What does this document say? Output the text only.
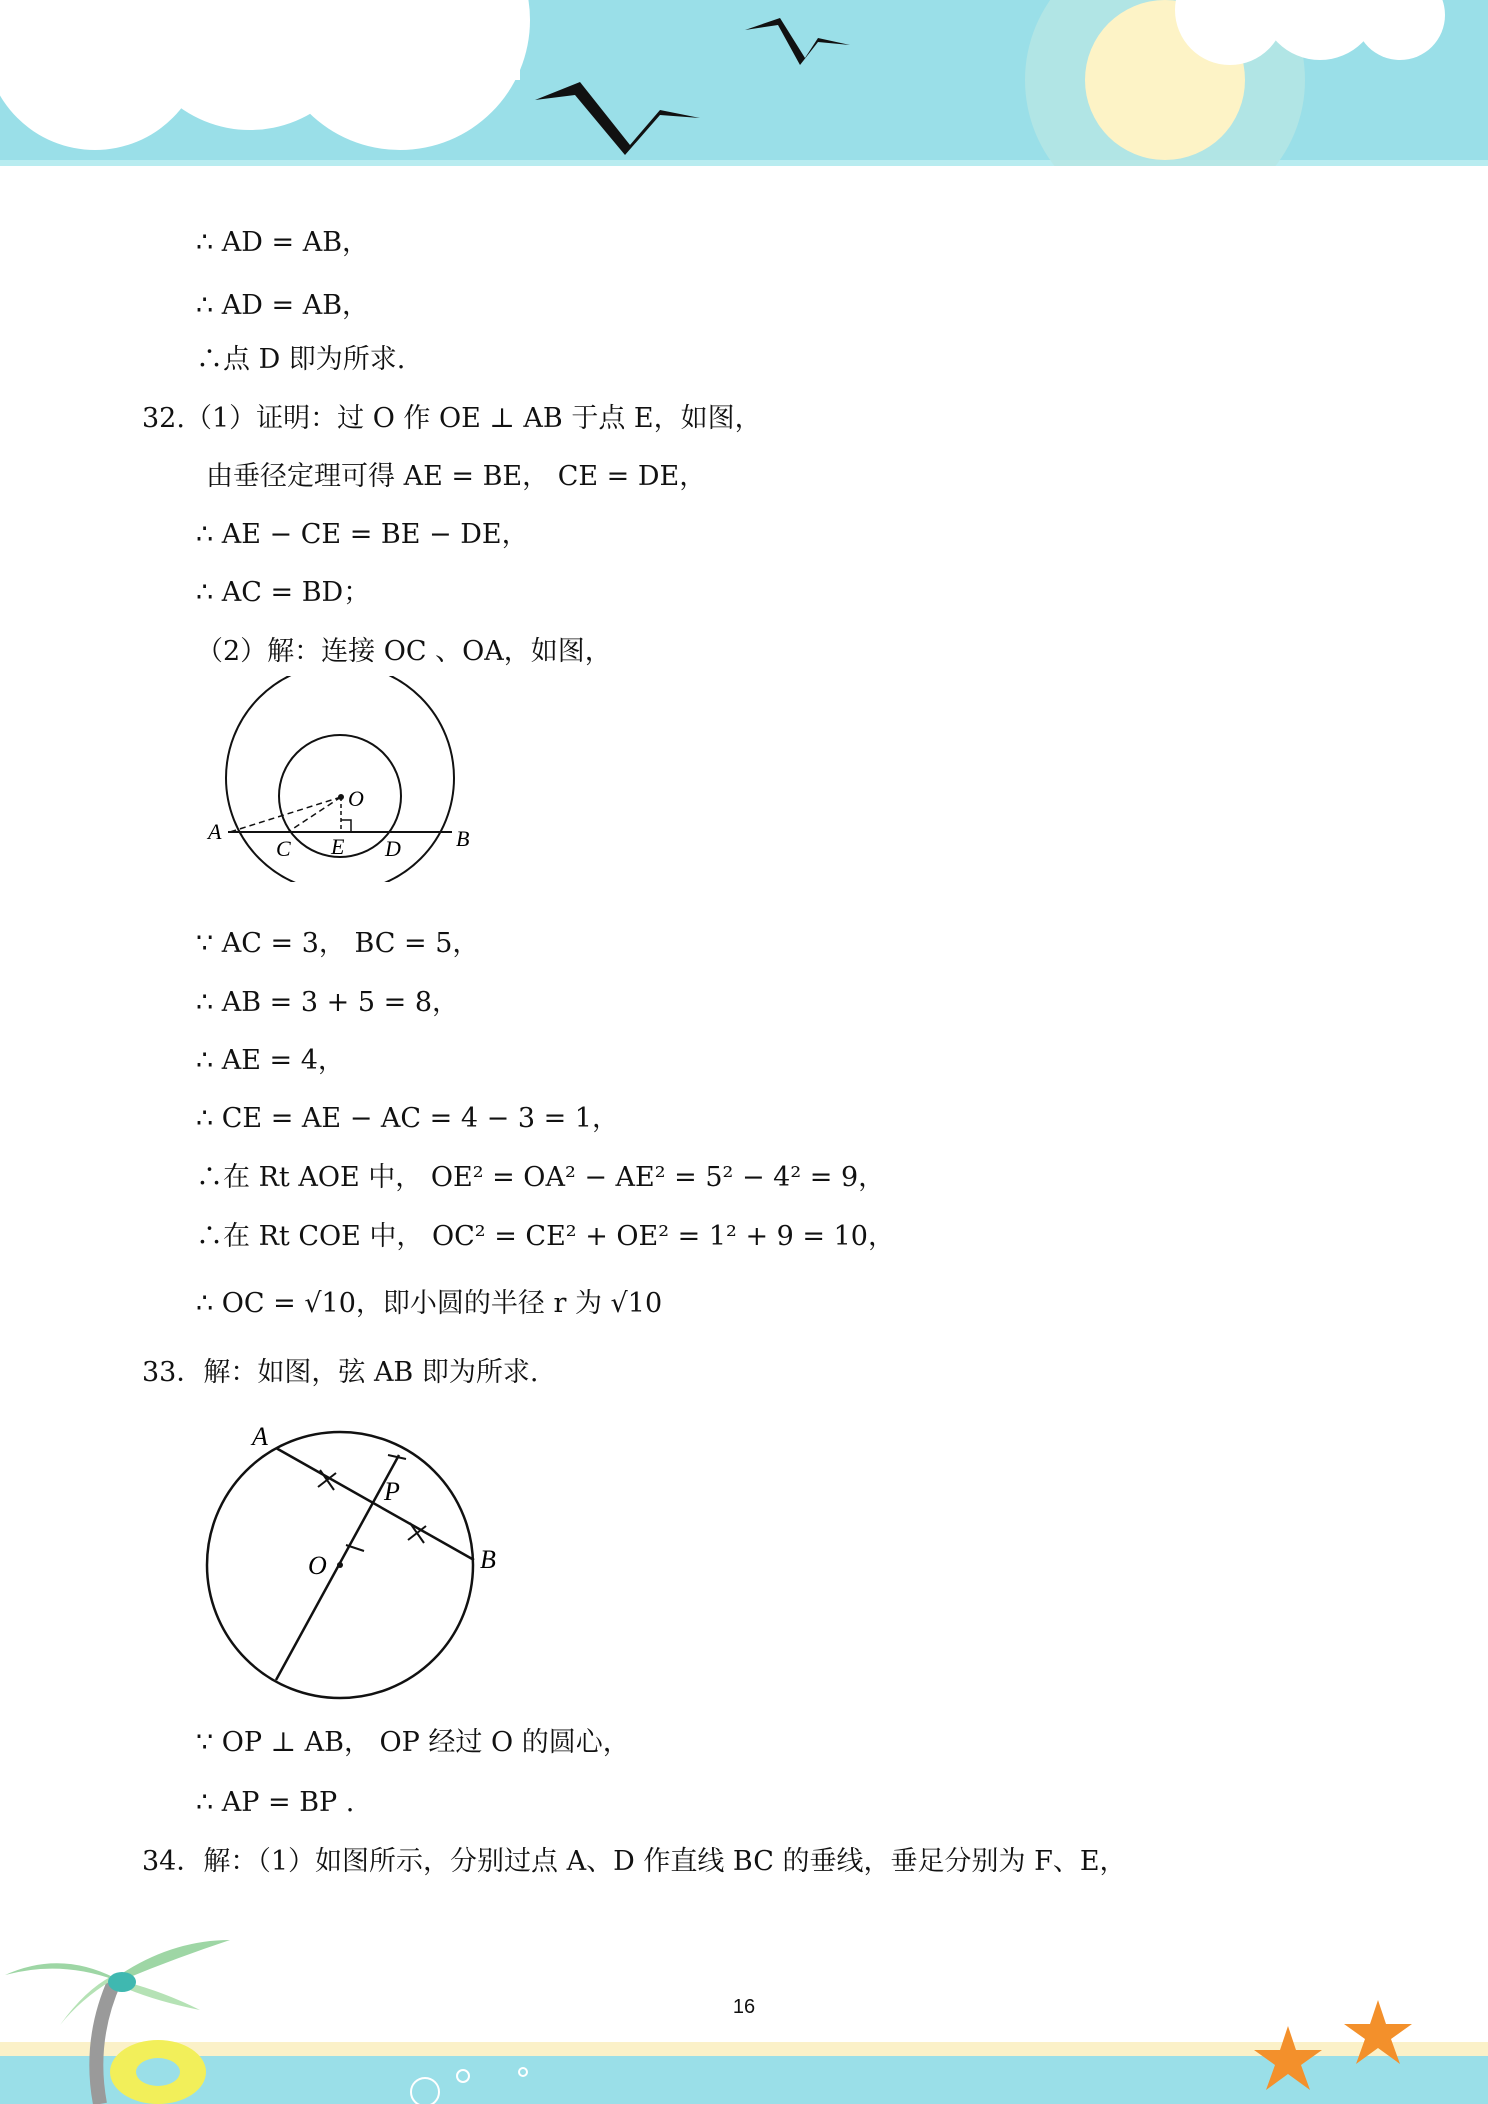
∴ AD = AB，
∴ AD = AB，
∴点 D 即为所求.
32.（1）证明：过 O 作 OE ⊥ AB 于点 E，如图，
由垂径定理可得 AE = BE， CE = DE，
∴ AE − CE = BE − DE，
∴ AC = BD；
（2）解：连接 OC 、OA，如图，
O
A	B
C E D
∵ AC = 3， BC = 5，
∴ AB = 3 + 5 = 8，
∴ AE = 4，
∴ CE = AE − AC = 4 − 3 = 1，
∴在 Rt AOE 中， OE² = OA² − AE² = 5² − 4² = 9，
∴在 Rt COE 中， OC² = CE² + OE² = 1² + 9 = 10，
∴ OC = √10，即小圆的半径 r 为 √10
33．解：如图，弦 AB 即为所求.
A
P
O	B
∵ OP ⊥ AB， OP 经过 O 的圆心，
∴ AP = BP .
34．解：（1）如图所示，分别过点 A、D 作直线 BC 的垂线，垂足分别为 F、E，
16
